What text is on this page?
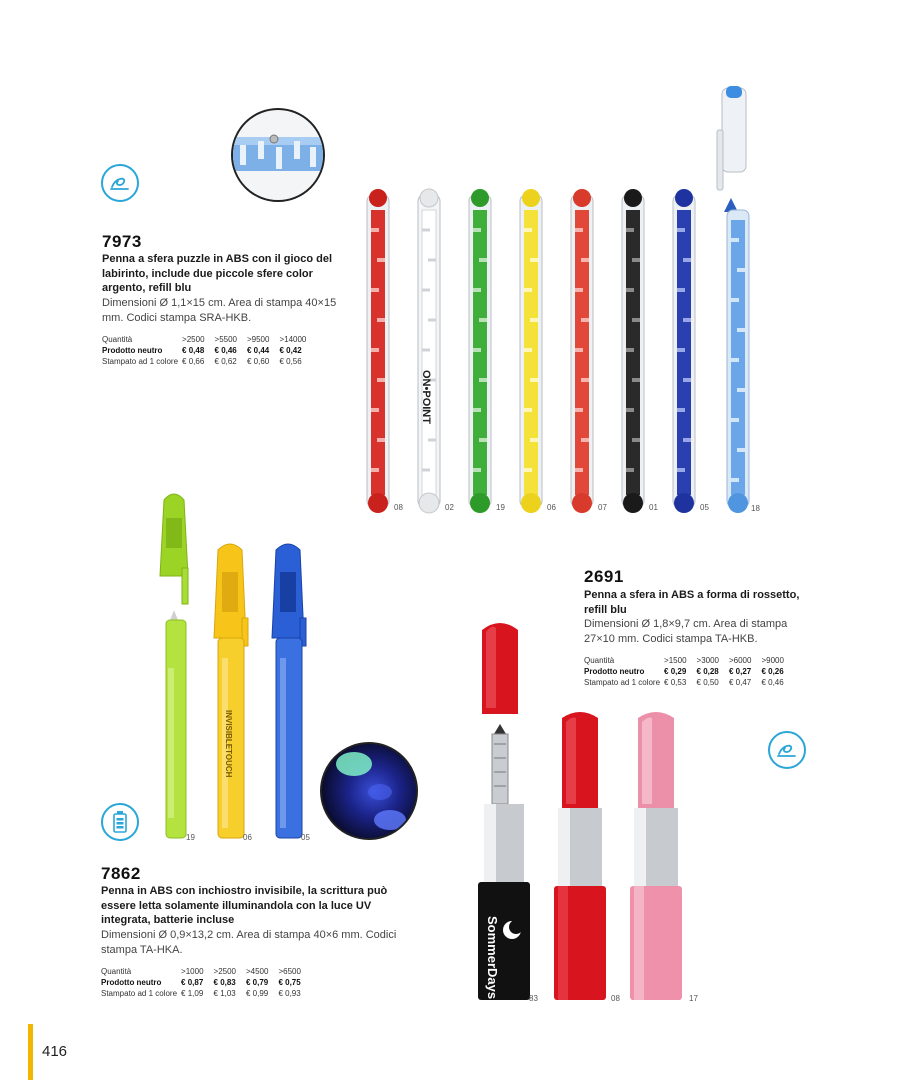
7973
Penna a sfera puzzle in ABS con il gioco del labirinto, include due piccole sfere color argento, refill blu
Dimensioni Ø 1,1×15 cm. Area di stampa 40×15 mm. Codici stampa SRA-HKB.
Quantità	>2500	>5500	>9500	>14000
Prodotto neutro	€ 0,48	€ 0,46	€ 0,44	€ 0,42
Stampato ad 1 colore	€ 0,66	€ 0,62	€ 0,60	€ 0,56
ON•POINT
08	02	19	06	07	01	05	18
2691
Penna a sfera in ABS a forma di rossetto, refill blu
Dimensioni Ø 1,8×9,7 cm. Area di stampa 27×10 mm. Codici stampa TA-HKB.
Quantità	>1500	>3000	>6000	>9000
Prodotto neutro	€ 0,29	€ 0,28	€ 0,27	€ 0,26
Stampato ad 1 colore	€ 0,53	€ 0,50	€ 0,47	€ 0,46
SommerDays	83	08	17
INVISIBLETOUCH
19	06	05
7862
Penna in ABS con inchiostro invisibile, la scrittura può essere letta solamente illuminandola con la luce UV integrata, batterie incluse
Dimensioni Ø 0,9×13,2 cm. Area di stampa 40×6 mm. Codici stampa TA-HKA.
Quantità	>1000	>2500	>4500	>6500
Prodotto neutro	€ 0,87	€ 0,83	€ 0,79	€ 0,75
Stampato ad 1 colore	€ 1,09	€ 1,03	€ 0,99	€ 0,93
416
